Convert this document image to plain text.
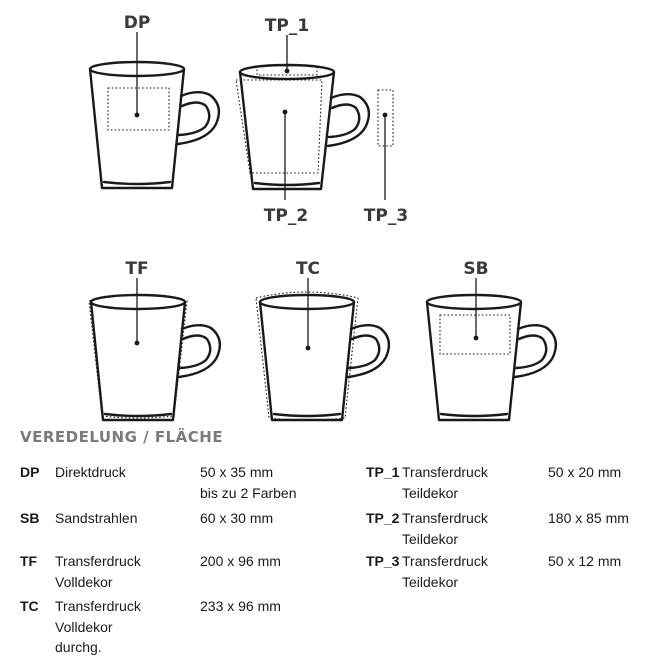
DP	TP_1
TP_2	TP_3
TF	TC	SB
VEREDELUNG / FLÄCHE
DP Direktdruck	50 x 35 mm
bis zu 2 Farben
SB Sandstrahlen	60 x 30 mm
TF Transferdruck
Volldekor
200 x 96 mm
TC Transferdruck
Volldekor durchg.
233 x 96 mm
TP_1 Transferdruck
Teildekor
50 x 20 mm
TP_2 Transferdruck
Teildekor
180 x 85 mm
TP_3 Transferdruck
Teildekor
50 x 12 mm
